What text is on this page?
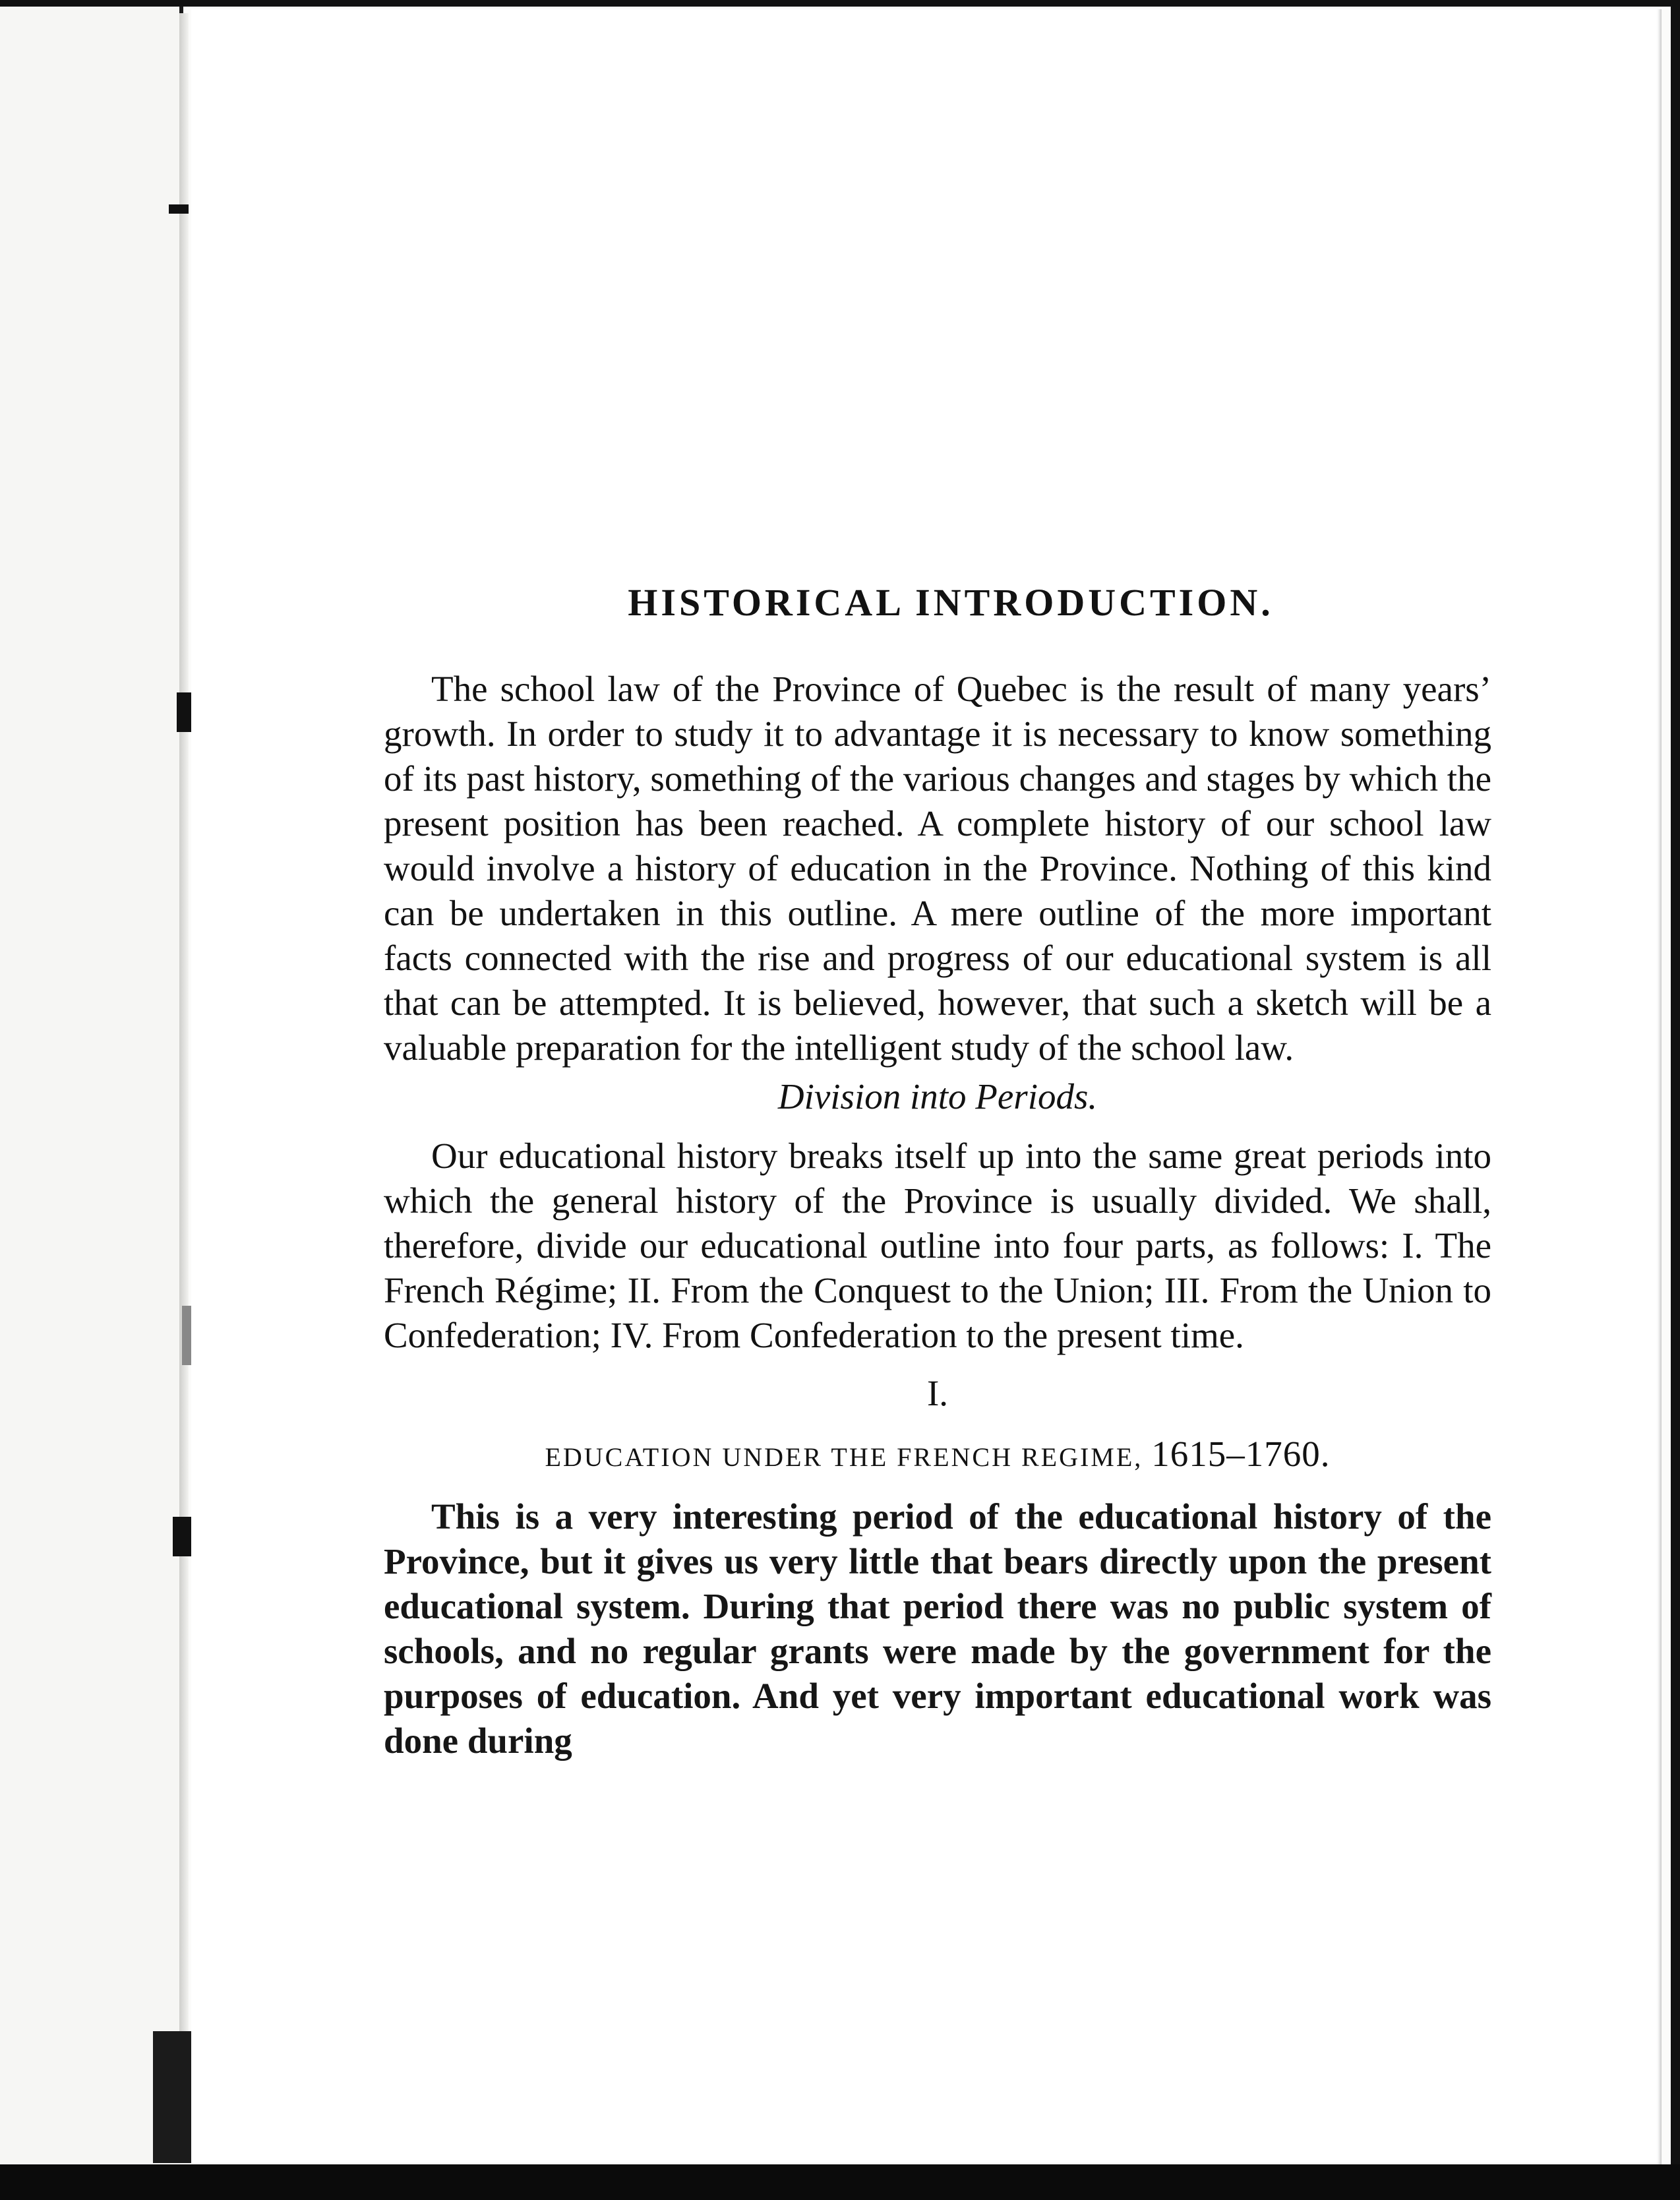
HISTORICAL INTRODUCTION.

The school law of the Province of Quebec is the result of many years’ growth. In order to study it to advantage it is necessary to know something of its past history, something of the various changes and stages by which the present position has been reached. A complete history of our school law would involve a history of education in the Province. Nothing of this kind can be undertaken in this outline. A mere outline of the more important facts connected with the rise and progress of our educational system is all that can be attempted. It is believed, however, that such a sketch will be a valuable preparation for the intelligent study of the school law.

Division into Periods.

Our educational history breaks itself up into the same great periods into which the general history of the Province is usually divided. We shall, therefore, divide our educational outline into four parts, as follows: I. The French Régime; II. From the Conquest to the Union; III. From the Union to Confederation; IV. From Confederation to the present time.

I.
EDUCATION UNDER THE FRENCH REGIME, 1615–1760.

This is a very interesting period of the educational history of the Province, but it gives us very little that bears directly upon the present educational system. During that period there was no public system of schools, and no regular grants were made by the government for the purposes of education. And yet very important educational work was done during
